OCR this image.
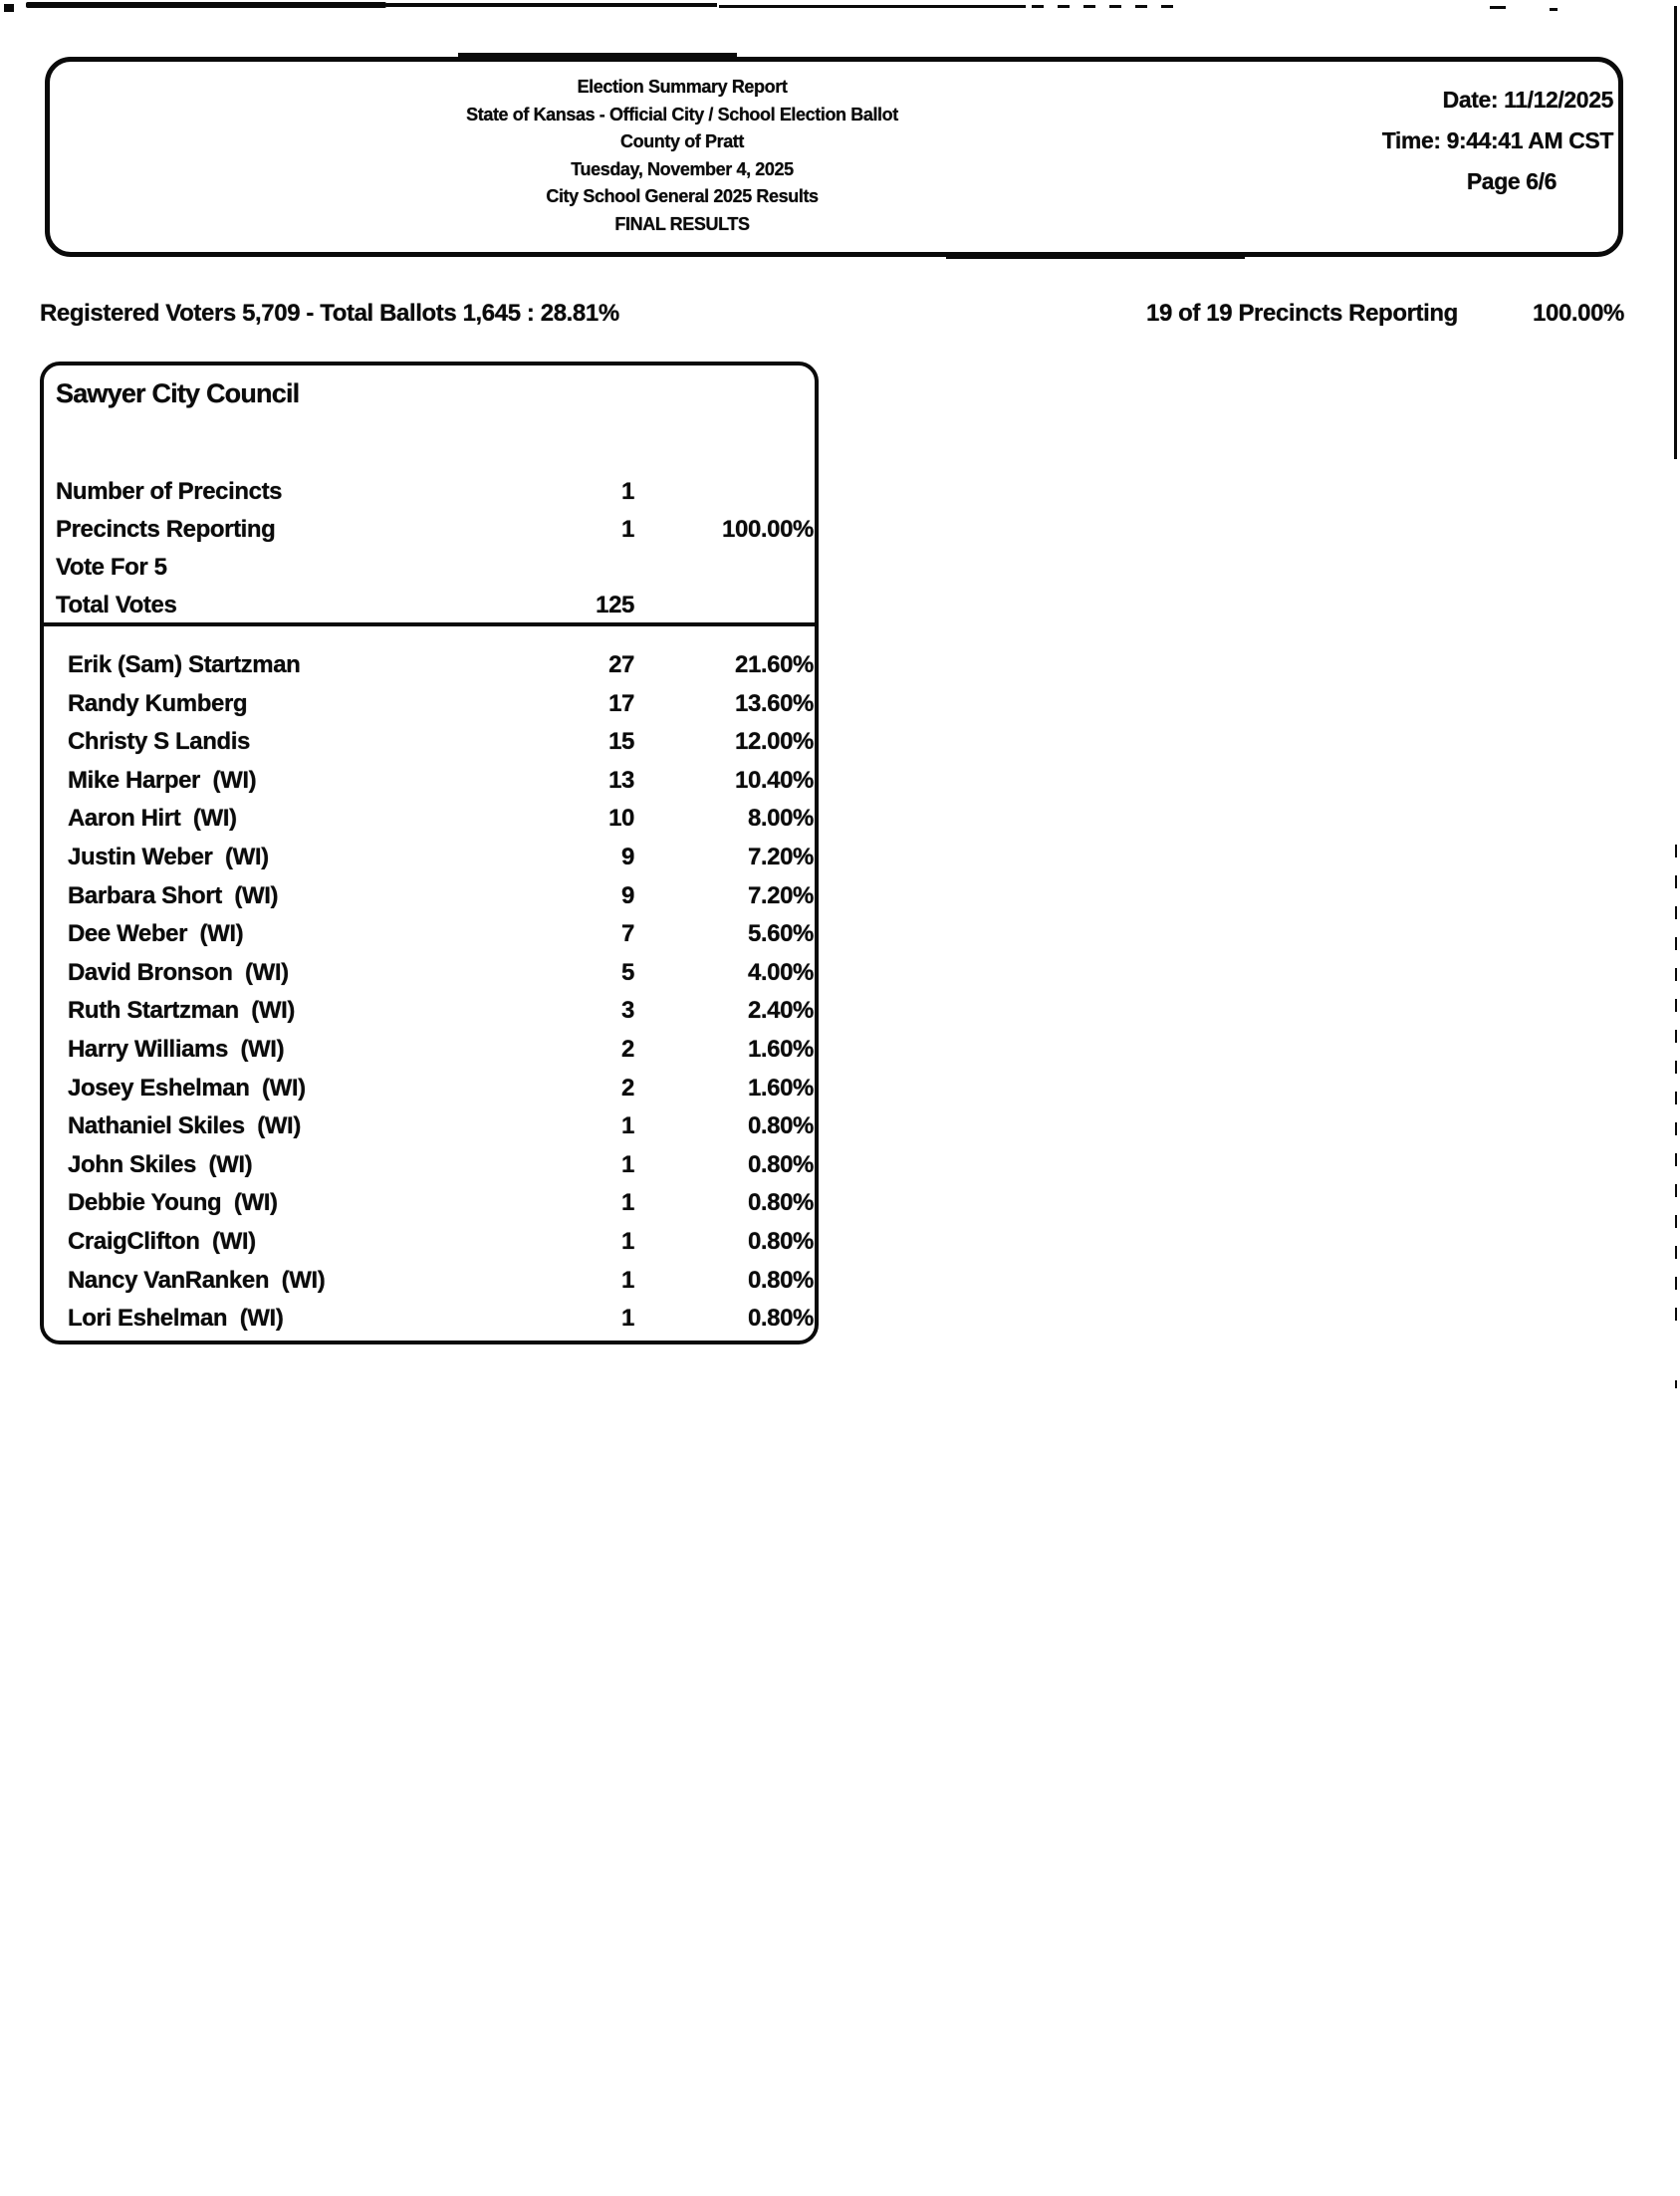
Election Summary Report
State of Kansas - Official City / School Election Ballot
County of Pratt
Tuesday, November 4, 2025
City School General 2025 Results
FINAL RESULTS
Date: 11/12/2025
Time: 9:44:41 AM CST
Page 6/6
Registered Voters 5,709 - Total Ballots 1,645 : 28.81%	19 of 19 Precincts Reporting	100.00%
Sawyer City Council
Number of Precincts	1
Precincts Reporting	1	100.00%
Vote For 5
Total Votes	125
Erik (Sam) Startzman	27	21.60%
Randy Kumberg	17	13.60%
Christy S Landis	15	12.00%
Mike Harper  (WI)	13	10.40%
Aaron Hirt  (WI)	10	8.00%
Justin Weber  (WI)	9	7.20%
Barbara Short  (WI)	9	7.20%
Dee Weber  (WI)	7	5.60%
David Bronson  (WI)	5	4.00%
Ruth Startzman  (WI)	3	2.40%
Harry Williams  (WI)	2	1.60%
Josey Eshelman  (WI)	2	1.60%
Nathaniel Skiles  (WI)	1	0.80%
John Skiles  (WI)	1	0.80%
Debbie Young  (WI)	1	0.80%
CraigClifton  (WI)	1	0.80%
Nancy VanRanken  (WI)	1	0.80%
Lori Eshelman  (WI)	1	0.80%
